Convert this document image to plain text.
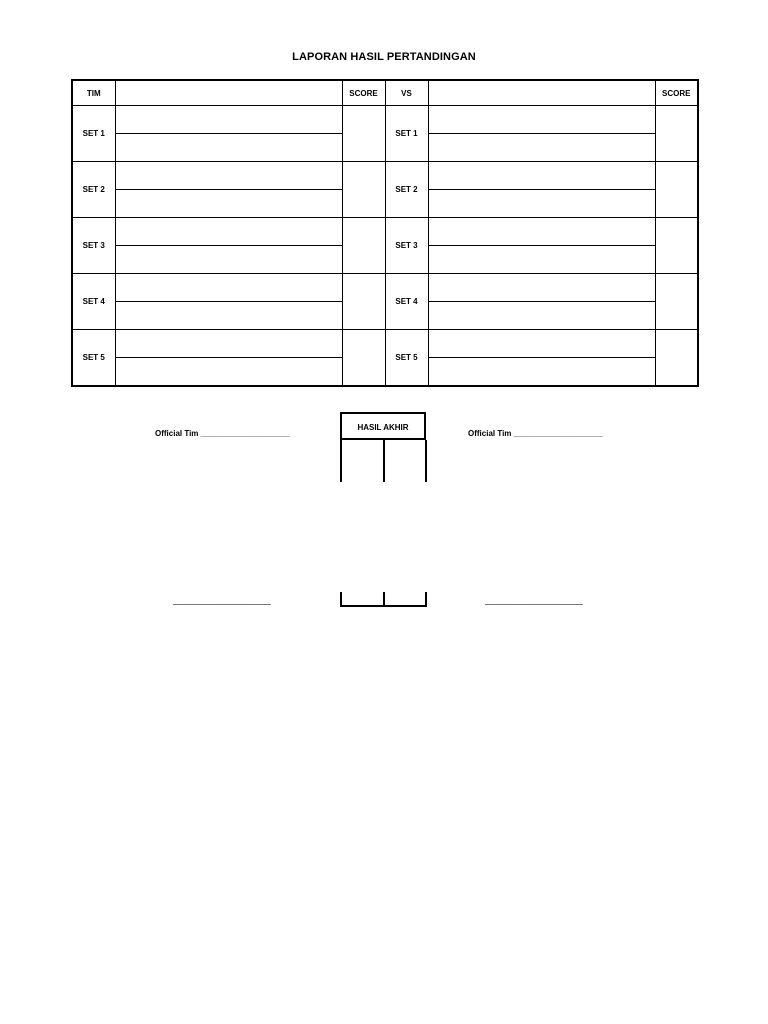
LAPORAN HASIL PERTANDINGAN
TIM		SCORE	VS		SCORE
SET 1			SET 1		

SET 2			SET 2		

SET 3			SET 3		

SET 4			SET 4		

SET 5			SET 5		

Official Tim ____________________	Official Tim ____________________
HASIL AKHIR
______________________	______________________
